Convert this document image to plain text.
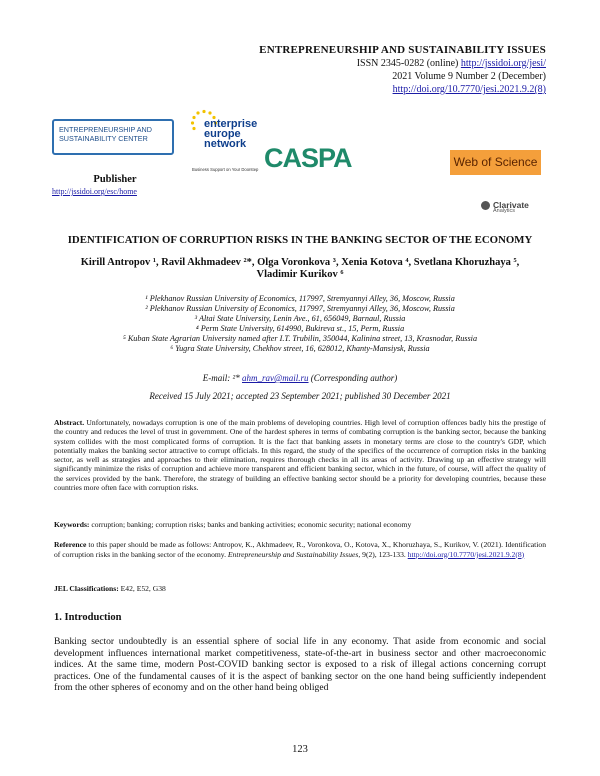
ENTREPRENEURSHIP AND SUSTAINABILITY ISSUES
ISSN 2345-0282 (online) http://jssidoi.org/jesi/
2021 Volume 9 Number 2 (December)
http://doi.org/10.7770/jesi.2021.9.2(8)
ENTREPRENEURSHIP AND
SUSTAINABILITY CENTER
Publisher
http://jssidoi.org/esc/home
enterprise
europe
network
Business Support on Your Doorstep CASPA	Web of Science
Clarivate
Analytics
IDENTIFICATION OF CORRUPTION RISKS IN THE BANKING SECTOR OF THE ECONOMY
Kirill Antropov ¹, Ravil Akhmadeev ²*, Olga Voronkova ³, Xenia Kotova ⁴, Svetlana Khoruzhaya ⁵, Vladimir Kurikov ⁶
¹ Plekhanov Russian University of Economics, 117997, Stremyannyi Alley, 36, Moscow, Russia
² Plekhanov Russian University of Economics, 117997, Stremyannyi Alley, 36, Moscow, Russia
³ Altai State University, Lenin Ave., 61, 656049, Barnaul, Russia
⁴ Perm State University, 614990, Bukireva st., 15, Perm, Russia
⁵ Kuban State Agrarian University named after I.T. Trubilin, 350044, Kalinina street, 13, Krasnodar, Russia
⁶ Yugra State University, Chekhov street, 16, 628012, Khanty-Mansiysk, Russia
E-mail: ²* ahm_rav@mail.ru (Corresponding author)
Received 15 July 2021; accepted 23 September 2021; published 30 December 2021
Abstract. Unfortunately, nowadays corruption is one of the main problems of developing countries. High level of corruption offences badly hits the prestige of the country and reduces the level of trust in government. One of the hardest spheres in terms of combating corruption is the banking sector, because the banking system collides with the most complicated forms of corruption. It is the fact that banking assets in monetary terms are close to the country's GDP, which potentially makes the banking sector attractive to corrupt officials. In this regard, the study of the specifics of the occurrence of corruption risks in the banking sector, as well as strategies and approaches to their elimination, requires thorough checks in all its areas of activity. Drawing up an effective strategy will significantly minimize the risks of corruption and achieve more transparent and efficient banking sector, which in the future, of course, will affect the quality of the services provided by the bank. Therefore, the strategy of building an effective banking sector should be a priority for developing countries, because these countries more often face with corruption risks.
Keywords: corruption; banking; corruption risks; banks and banking activities; economic security; national economy
Reference to this paper should be made as follows: Antropov, K., Akhmadeev, R., Voronkova, O., Kotova, X., Khoruzhaya, S., Kurikov, V. (2021). Identification of corruption risks in the banking sector of the economy. Entrepreneurship and Sustainability Issues, 9(2), 123-133. http://doi.org/10.7770/jesi.2021.9.2(8)
JEL Classifications: E42, E52, G38
1. Introduction
Banking sector undoubtedly is an essential sphere of social life in any economy. That aside from economic and social development influences international market competitiveness, state-of-the-art in business sector and other macroeconomic indices. At the same time, modern Post-COVID banking sector is exposed to a risk of illegal actions concerning corrupt practices. One of the fundamental causes of it is the aspect of banking sector on the one hand being sufficiently independent from the other spheres of economy and on the other hand being obliged
123
